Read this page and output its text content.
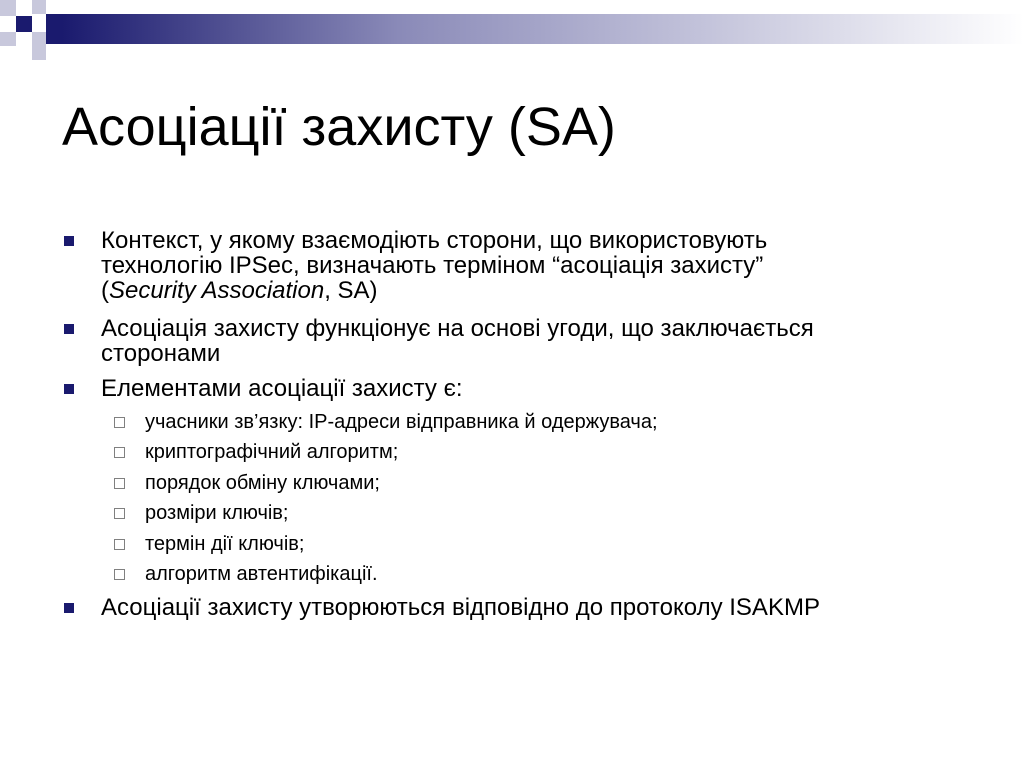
Асоціації захисту (SA)
Контекст, у якому взаємодіють сторони, що використовують
технологію IPSec, визначають терміном “асоціація захисту”
(Security Association, SA)
Асоціація захисту функціонує на основі угоди, що заключається
сторонами
Елементами асоціації захисту є:
учасники зв’язку: IP-адреси відправника й одержувача;
криптографічний алгоритм;
порядок обміну ключами;
розміри ключів;
термін дії ключів;
алгоритм автентифікації.
Асоціації захисту утворюються відповідно до протоколу ISAKMP
